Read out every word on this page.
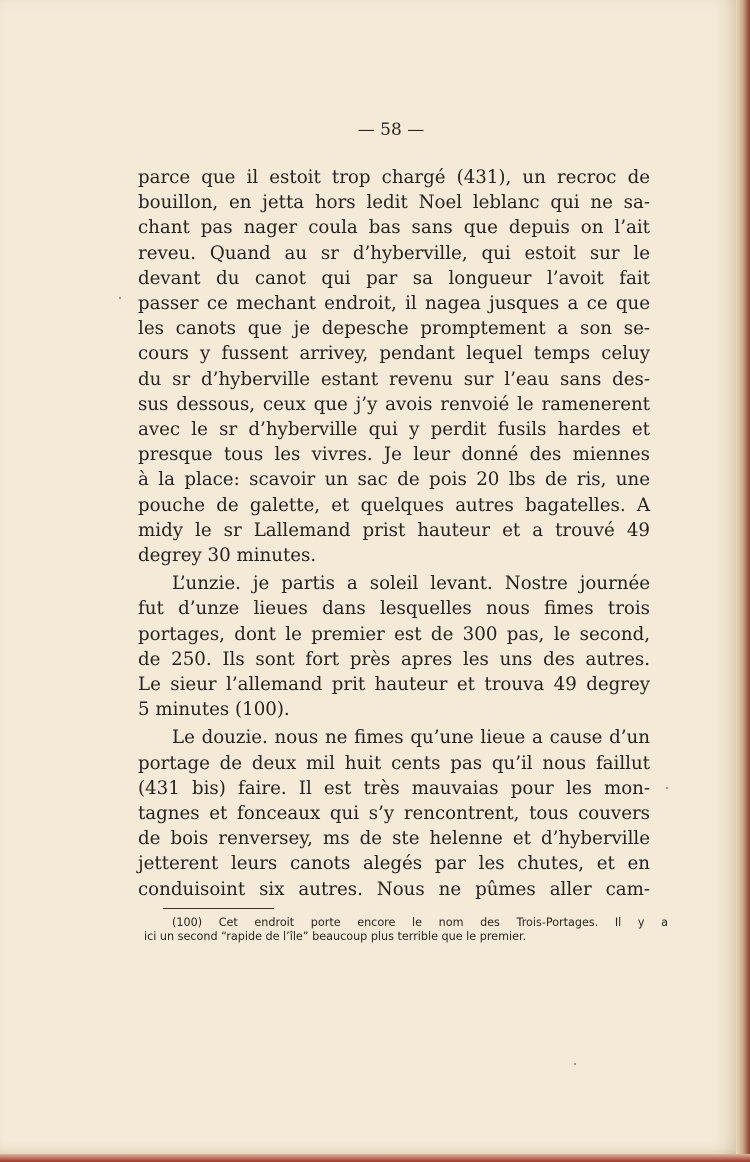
— 58 —
parce que il estoit trop chargé (431), un recroc de
bouillon, en jetta hors ledit Noel leblanc qui ne sa-
chant pas nager coula bas sans que depuis on l’ait
reveu. Quand au sr d’hyberville, qui estoit sur le
devant du canot qui par sa longueur l’avoit fait
passer ce mechant endroit, il nagea jusques a ce que
les canots que je depesche promptement a son se-
cours y fussent arrivey, pendant lequel temps celuy
du sr d’hyberville estant revenu sur l’eau sans des-
sus dessous, ceux que j’y avois renvoié le ramenerent
avec le sr d’hyberville qui y perdit fusils hardes et
presque tous les vivres. Je leur donné des miennes
à la place: scavoir un sac de pois 20 lbs de ris, une
pouche de galette, et quelques autres bagatelles. A
midy le sr Lallemand prist hauteur et a trouvé 49
degrey 30 minutes.
L’unzie. je partis a soleil levant. Nostre journée
fut d’unze lieues dans lesquelles nous fimes trois
portages, dont le premier est de 300 pas, le second,
de 250. Ils sont fort près apres les uns des autres.
Le sieur l’allemand prit hauteur et trouva 49 degrey
5 minutes (100).
Le douzie. nous ne fimes qu’une lieue a cause d’un
portage de deux mil huit cents pas qu’il nous faillut
(431 bis) faire. Il est très mauvaias pour les mon-
tagnes et fonceaux qui s’y rencontrent, tous couvers
de bois renversey, ms de ste helenne et d’hyberville
jetterent leurs canots alegés par les chutes, et en
conduisoint six autres. Nous ne pûmes aller cam-
(100) Cet endroit porte encore le nom des Trois-Portages. Il y a
ici un second “rapide de l’île” beaucoup plus terrible que le premier.
